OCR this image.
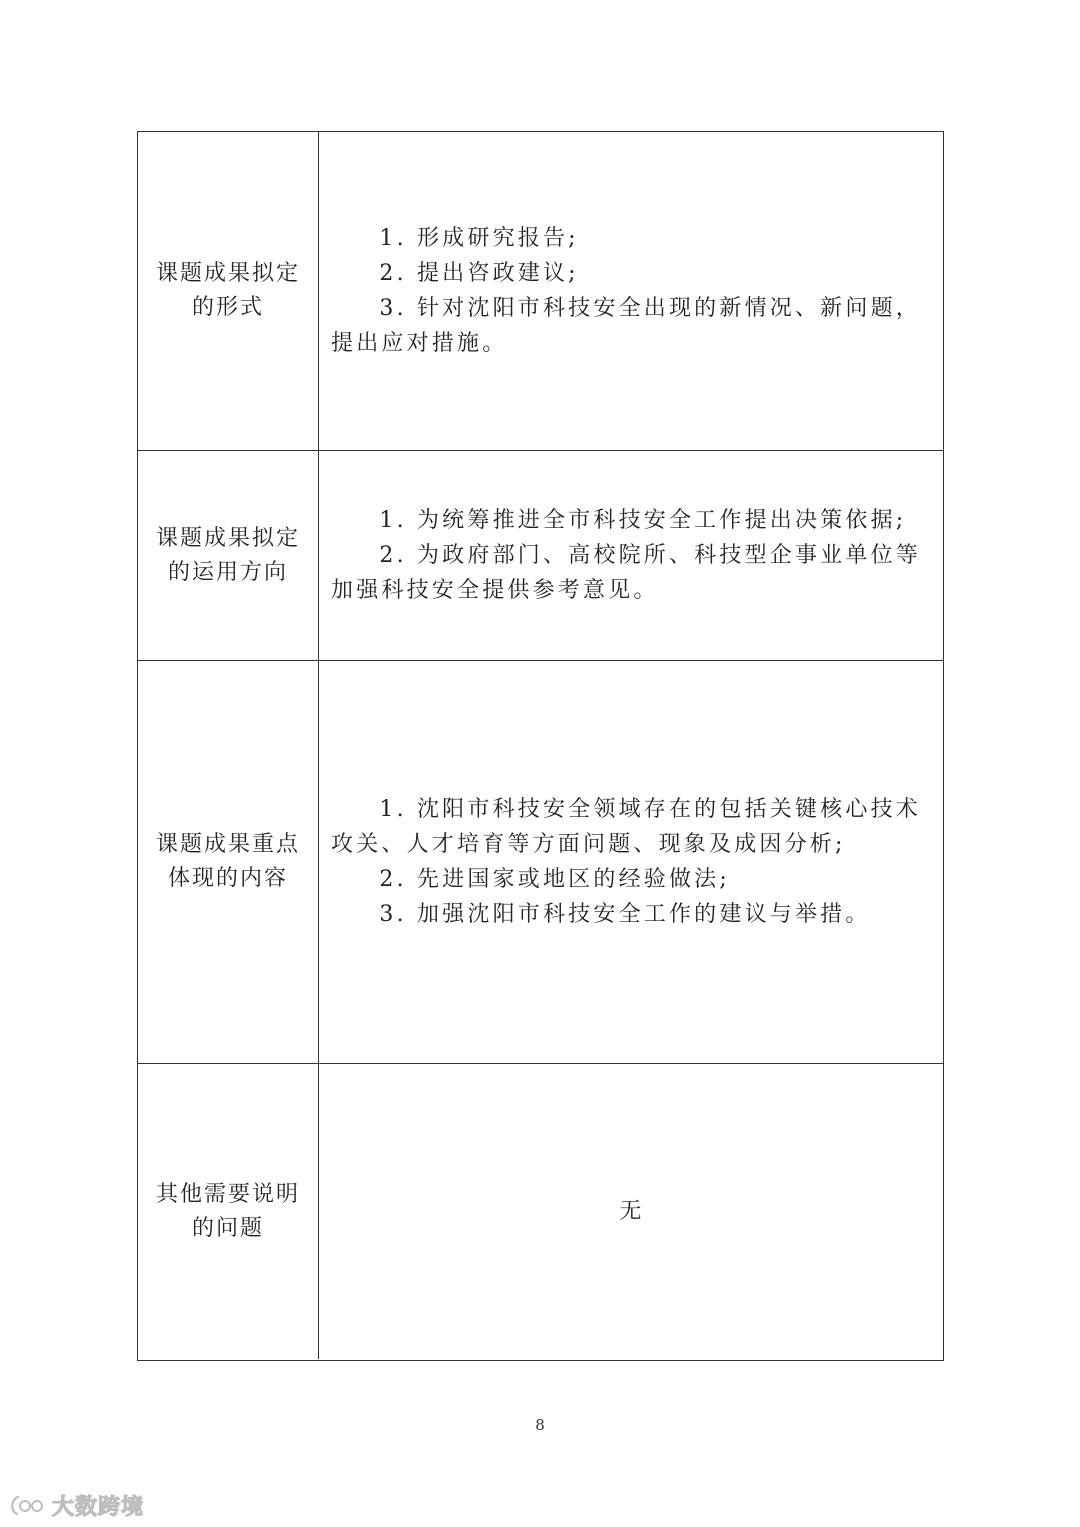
课题成果拟定的形式

1. 形成研究报告;

2. 提出咨政建议;

3. 针对沈阳市科技安全出现的新情况、新问题，提出应对措施。

课题成果拟定的运用方向

1. 为统筹推进全市科技安全工作提出决策依据;

2. 为政府部门、高校院所、科技型企事业单位等加强科技安全提供参考意见。

课题成果重点体现的内容

1. 沈阳市科技安全领域存在的包括关键核心技术攻关、人才培育等方面问题、现象及成因分析;

2. 先进国家或地区的经验做法;

3. 加强沈阳市科技安全工作的建议与举措。

其他需要说明的问题

无

8
大数跨境
